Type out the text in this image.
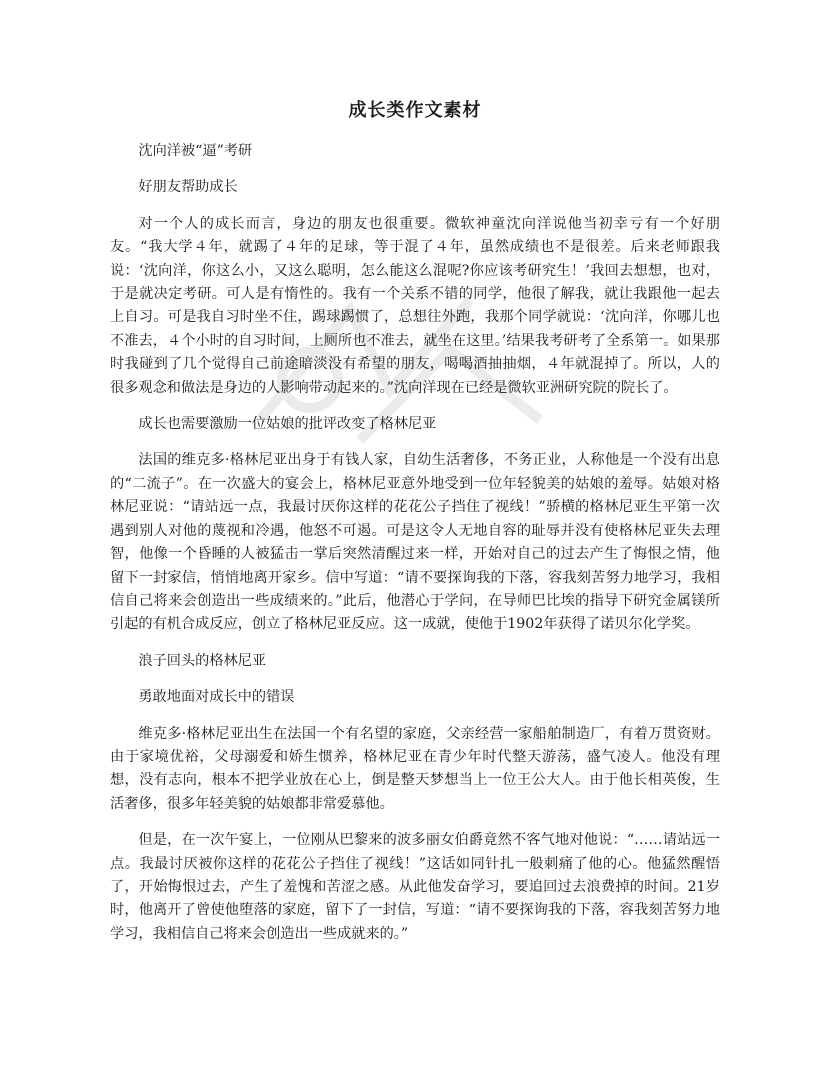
成长类作文素材

沈向洋被“逼”考研

好朋友帮助成长

对一个人的成长而言，身边的朋友也很重要。微软神童沈向洋说他当初幸亏有一个好朋友。“我大学４年，就踢了４年的足球，等于混了４年，虽然成绩也不是很差。后来老师跟我说：‘沈向洋，你这么小，又这么聪明，怎么能这么混呢?你应该考研究生！’我回去想想，也对，于是就决定考研。可人是有惰性的。我有一个关系不错的同学，他很了解我，就让我跟他一起去上自习。可是我自习时坐不住，踢球踢惯了，总想往外跑，我那个同学就说：‘沈向洋，你哪儿也不准去，４个小时的自习时间，上厕所也不准去，就坐在这里。’结果我考研考了全系第一。如果那时我碰到了几个觉得自己前途暗淡没有希望的朋友，喝喝酒抽抽烟，４年就混掉了。所以，人的很多观念和做法是身边的人影响带动起来的。”沈向洋现在已经是微软亚洲研究院的院长了。

成长也需要激励一位姑娘的批评改变了格林尼亚

法国的维克多·格林尼亚出身于有钱人家，自幼生活奢侈，不务正业，人称他是一个没有出息的“二流子”。在一次盛大的宴会上，格林尼亚意外地受到一位年轻貌美的姑娘的羞辱。姑娘对格林尼亚说：“请站远一点，我最讨厌你这样的花花公子挡住了视线！”骄横的格林尼亚生平第一次遇到别人对他的蔑视和冷遇，他怒不可遏。可是这令人无地自容的耻辱并没有使格林尼亚失去理智，他像一个昏睡的人被猛击一掌后突然清醒过来一样，开始对自己的过去产生了悔恨之情，他留下一封家信，悄悄地离开家乡。信中写道：“请不要探询我的下落，容我刻苦努力地学习，我相信自己将来会创造出一些成绩来的。”此后，他潜心于学问，在导师巴比埃的指导下研究金属镁所引起的有机合成反应，创立了格林尼亚反应。这一成就，使他于1902年获得了诺贝尔化学奖。

浪子回头的格林尼亚

勇敢地面对成长中的错误

维克多·格林尼亚出生在法国一个有名望的家庭，父亲经营一家船舶制造厂，有着万贯资财。由于家境优裕，父母溺爱和娇生惯养，格林尼亚在青少年时代整天游荡，盛气凌人。他没有理想，没有志向，根本不把学业放在心上，倒是整天梦想当上一位王公大人。由于他长相英俊，生活奢侈，很多年轻美貌的姑娘都非常爱慕他。

但是，在一次午宴上，一位刚从巴黎来的波多丽女伯爵竟然不客气地对他说：“……请站远一点。我最讨厌被你这样的花花公子挡住了视线！”这话如同针扎一般刺痛了他的心。他猛然醒悟了，开始悔恨过去，产生了羞愧和苦涩之感。从此他发奋学习，要追回过去浪费掉的时间。21岁时，他离开了曾使他堕落的家庭，留下了一封信，写道：“请不要探询我的下落，容我刻苦努力地学习，我相信自己将来会创造出一些成就来的。”
